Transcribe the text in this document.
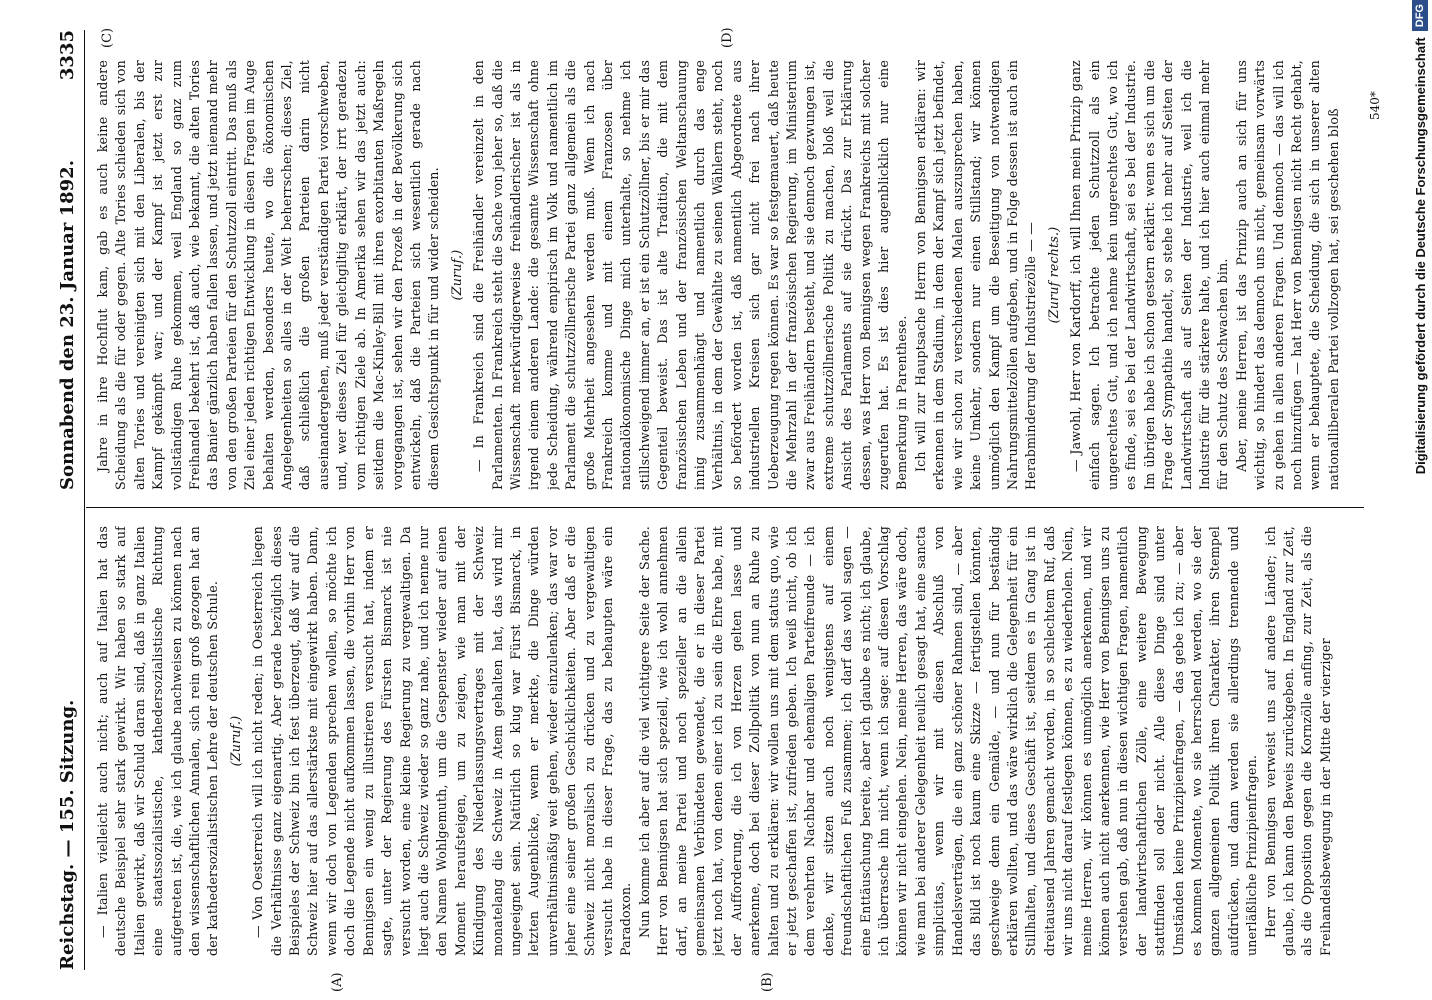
Reichstag. — 155. Sitzung.
Sonnabend den 23. Januar 1892.
3335
(A)	(B)
(C)	(D)

— Italien vielleicht auch nicht; auch auf Italien hat das deutsche Beispiel sehr stark gewirkt. Wir haben so stark auf Italien gewirkt, daß wir Schuld daran sind, daß in ganz Italien eine staatssozialistische, kathedersozialistische Richtung aufgetreten ist, die, wie ich glaube nachweisen zu können nach den wissenschaftlichen Annalen, sich rein groß gezogen hat an der kathedersozialistischen Lehre der deutschen Schule. (Zuruf.) — Von Oesterreich will ich nicht reden; in Oesterreich liegen die Verhältnisse ganz eigenartig. Aber gerade bezüglich dieses Beispieles der Schweiz bin ich fest überzeugt, daß wir auf die Schweiz hier auf das allerstärkste mit eingewirkt haben. Dann, wenn wir doch von Legenden sprechen wollen, so möchte ich doch die Legende nicht aufkommen lassen, die vorhin Herr von Bennigsen ein wenig zu illustrieren versucht hat, indem er sagte, unter der Regierung des Fürsten Bismarck ist nie versucht worden, eine kleine Regierung zu vergewaltigen. Da liegt auch die Schweiz wieder so ganz nahe, und ich nenne nur den Namen Wohlgemuth, um die Gespenster wieder auf einen Moment heraufsteigen, um zu zeigen, wie man mit der Kündigung des Niederlassungsvertrages mit der Schweiz monatelang die Schweiz in Atem gehalten hat, das wird mir ungeeignet sein. Natürlich so klug war Fürst Bismarck, in letzten Augenblicke, wenn er merkte, die Dinge würden unverhältnismäßig weit gehen, wieder einzulenken; das war vor jeher eine seiner großen Geschicklichkeiten. Aber daß er die Schweiz nicht moralisch zu drücken und zu vergewaltigen versucht habe in dieser Frage, das zu behaupten wäre ein Paradoxon. Nun komme ich aber auf die viel wichtigere Seite der Sache. Herr von Bennigsen hat sich speziell, wie ich wohl annehmen darf, an meine Partei und noch spezieller an die allein gemeinsamen Verbündeten gewendet, die er in dieser Partei jetzt noch hat, von denen einer ich zu sein die Ehre habe, mit der Aufforderung, die ich von Herzen gelten lasse und anerkenne, doch bei dieser Zollpolitik von nun an Ruhe zu halten und zu erklären: wir wollen uns mit dem status quo, wie er jetzt geschaffen ist, zufrieden geben. Ich weiß nicht, ob ich dem verehrten Nachbar und ehemaligen Parteifreunde — ich denke, wir sitzen auch noch wenigstens auf einem freundschaftlichen Fuß zusammen; ich darf das wohl sagen — eine Enttäuschung bereite, aber ich glaube es nicht; ich glaube, ich überrasche ihn nicht, wenn ich sage: auf diesen Vorschlag können wir nicht eingehen. Nein, meine Herren, das wäre doch, wie man bei anderer Gelegenheit neulich gesagt hat, eine sancta simplicitas, wenn wir mit diesen Abschluß von Handelsverträgen, die ein ganz schöner Rahmen sind, — aber das Bild ist noch kaum eine Skizze — fertigstellen könnten, geschweige denn ein Gemälde, — und nun für beständig erklären wollten, und das wäre wirklich die Gelegenheit für ein Stillhalten, und dieses Geschäft ist, seitdem es in Gang ist in dreitausend Jahren gemacht worden, in so schlechtem Ruf, daß wir uns nicht darauf festlegen können, es zu wiederholen. Nein, meine Herren, wir können es unmöglich anerkennen, und wir können auch nicht anerkennen, wie Herr von Bennigsen uns zu verstehen gab, daß nun in diesen wichtigen Fragen, namentlich der landwirtschaftlichen Zölle, eine weitere Bewegung stattfinden soll oder nicht. Alle diese Dinge sind unter Umständen keine Prinzipienfragen, — das gebe ich zu; — aber es kommen Momente, wo sie herrschend werden, wo sie der ganzen allgemeinen Politik ihren Charakter, ihren Stempel aufdrücken, und dann werden sie allerdings trennende und unerläßliche Prinzipienfragen. Herr von Bennigsen verweist uns auf andere Länder; ich glaube, ich kann den Beweis zurückgeben. In England zur Zeit, als die Opposition gegen die Kornzölle anfing, zur Zeit, als die Freihandelsbewegung in der Mitte der vierziger

Jahre in ihre Hochflut kam, gab es auch keine andere Scheidung als die für oder gegen. Alte Tories schieden sich von alten Tories und vereinigten sich mit den Liberalen, bis der Kampf gekämpft war; und der Kampf ist jetzt erst zur vollständigen Ruhe gekommen, weil England so ganz zum Freihandel bekehrt ist, daß auch, wie bekannt, die alten Tories das Banier gänzlich haben fallen lassen, und jetzt niemand mehr von den großen Parteien für den Schutzzoll eintritt. Das muß als Ziel einer jeden richtigen Entwicklung in diesen Fragen im Auge behalten werden, besonders heute, wo die ökonomischen Angelegenheiten so alles in der Welt beherrschen; dieses Ziel, daß schließlich die großen Parteien darin nicht auseinandergehen, muß jeder verständigen Partei vorschweben, und, wer dieses Ziel für gleichgiltig erklärt, der irrt geradezu vom richtigen Ziele ab. In Amerika sehen wir das jetzt auch: seitdem die Mac-Kinley-Bill mit ihren exorbitanten Maßregeln vorgegangen ist, sehen wir den Prozeß in der Bevölkerung sich entwickeln, daß die Parteien sich wesentlich gerade nach diesem Gesichtspunkt in für und wider scheiden. (Zuruf.) — In Frankreich sind die Freihändler vereinzelt in den Parlamenten. In Frankreich steht die Sache von jeher so, daß die Wissenschaft merkwürdigerweise freihändlerischer ist als in irgend einem anderen Lande: die gesamte Wissenschaft ohne jede Scheidung, während empirisch im Volk und namentlich im Parlament die schutzzöllnerische Partei ganz allgemein als die große Mehrheit angesehen werden muß. Wenn ich nach Frankreich komme und mit einem Franzosen über nationalökonomische Dinge mich unterhalte, so nehme ich stillschweigend immer an, er ist ein Schutzzöllner, bis er mir das Gegenteil beweist. Das ist alte Tradition, die mit dem französischen Leben und der französischen Weltanschauung innig zusammenhängt und namentlich durch das enge Verhältnis, in dem der Gewählte zu seinen Wählern steht, noch so befördert worden ist, daß namentlich Abgeordnete aus industriellen Kreisen sich gar nicht frei nach ihrer Ueberzeugung regen können. Es war so festgemauert, daß heute die Mehrzahl in der französischen Regierung, im Ministerium zwar aus Freihändlern besteht, und sie dennoch gezwungen ist, extreme schutzzöllnerische Politik zu machen, bloß weil die Ansicht des Parlaments auf sie drückt. Das zur Erklärung dessen, was Herr von Bennigsen wegen Frankreichs mit solcher zugerufen hat. Es ist dies hier augenblicklich nur eine Bemerkung in Parenthese. Ich will zur Hauptsache Herrn von Bennigsen erklären: wir erkennen in dem Stadium, in dem der Kampf sich jetzt befindet, wie wir schon zu verschiedenen Malen auszusprechen haben, keine Umkehr, sondern nur einen Stillstand; wir können unmöglich den Kampf um die Beseitigung von notwendigen Nahrungsmittelzöllen aufgeben, und in Folge dessen ist auch ein Herabminderung der Industriezölle — — (Zuruf rechts.) — Jawohl, Herr von Kardorff, ich will Ihnen mein Prinzip ganz einfach sagen. Ich betrachte jeden Schutzzoll als ein ungerechtes Gut, und ich nehme kein ungerechtes Gut, wo ich es finde, sei es bei der Landwirtschaft, sei es bei der Industrie. Im übrigen habe ich schon gestern erklärt: wenn es sich um die Frage der Sympathie handelt, so stehe ich mehr auf Seiten der Landwirtschaft als auf Seiten der Industrie, weil ich die Industrie für die stärkere halte, und ich hier auch einmal mehr für den Schutz des Schwachen bin. Aber, meine Herren, ist das Prinzip auch an sich für uns wichtig, so hindert das dennoch uns nicht, gemeinsam vorwärts zu gehen in allen anderen Fragen. Und dennoch — das will ich noch hinzufügen — hat Herr von Bennigsen nicht Recht gehabt, wenn er behauptete, die Scheidung, die sich in unserer alten nationalliberalen Partei vollzogen hat, sei geschehen bloß

540* Digitalisierung gefördert durch die Deutsche Forschungsgemeinschaft
DFG
